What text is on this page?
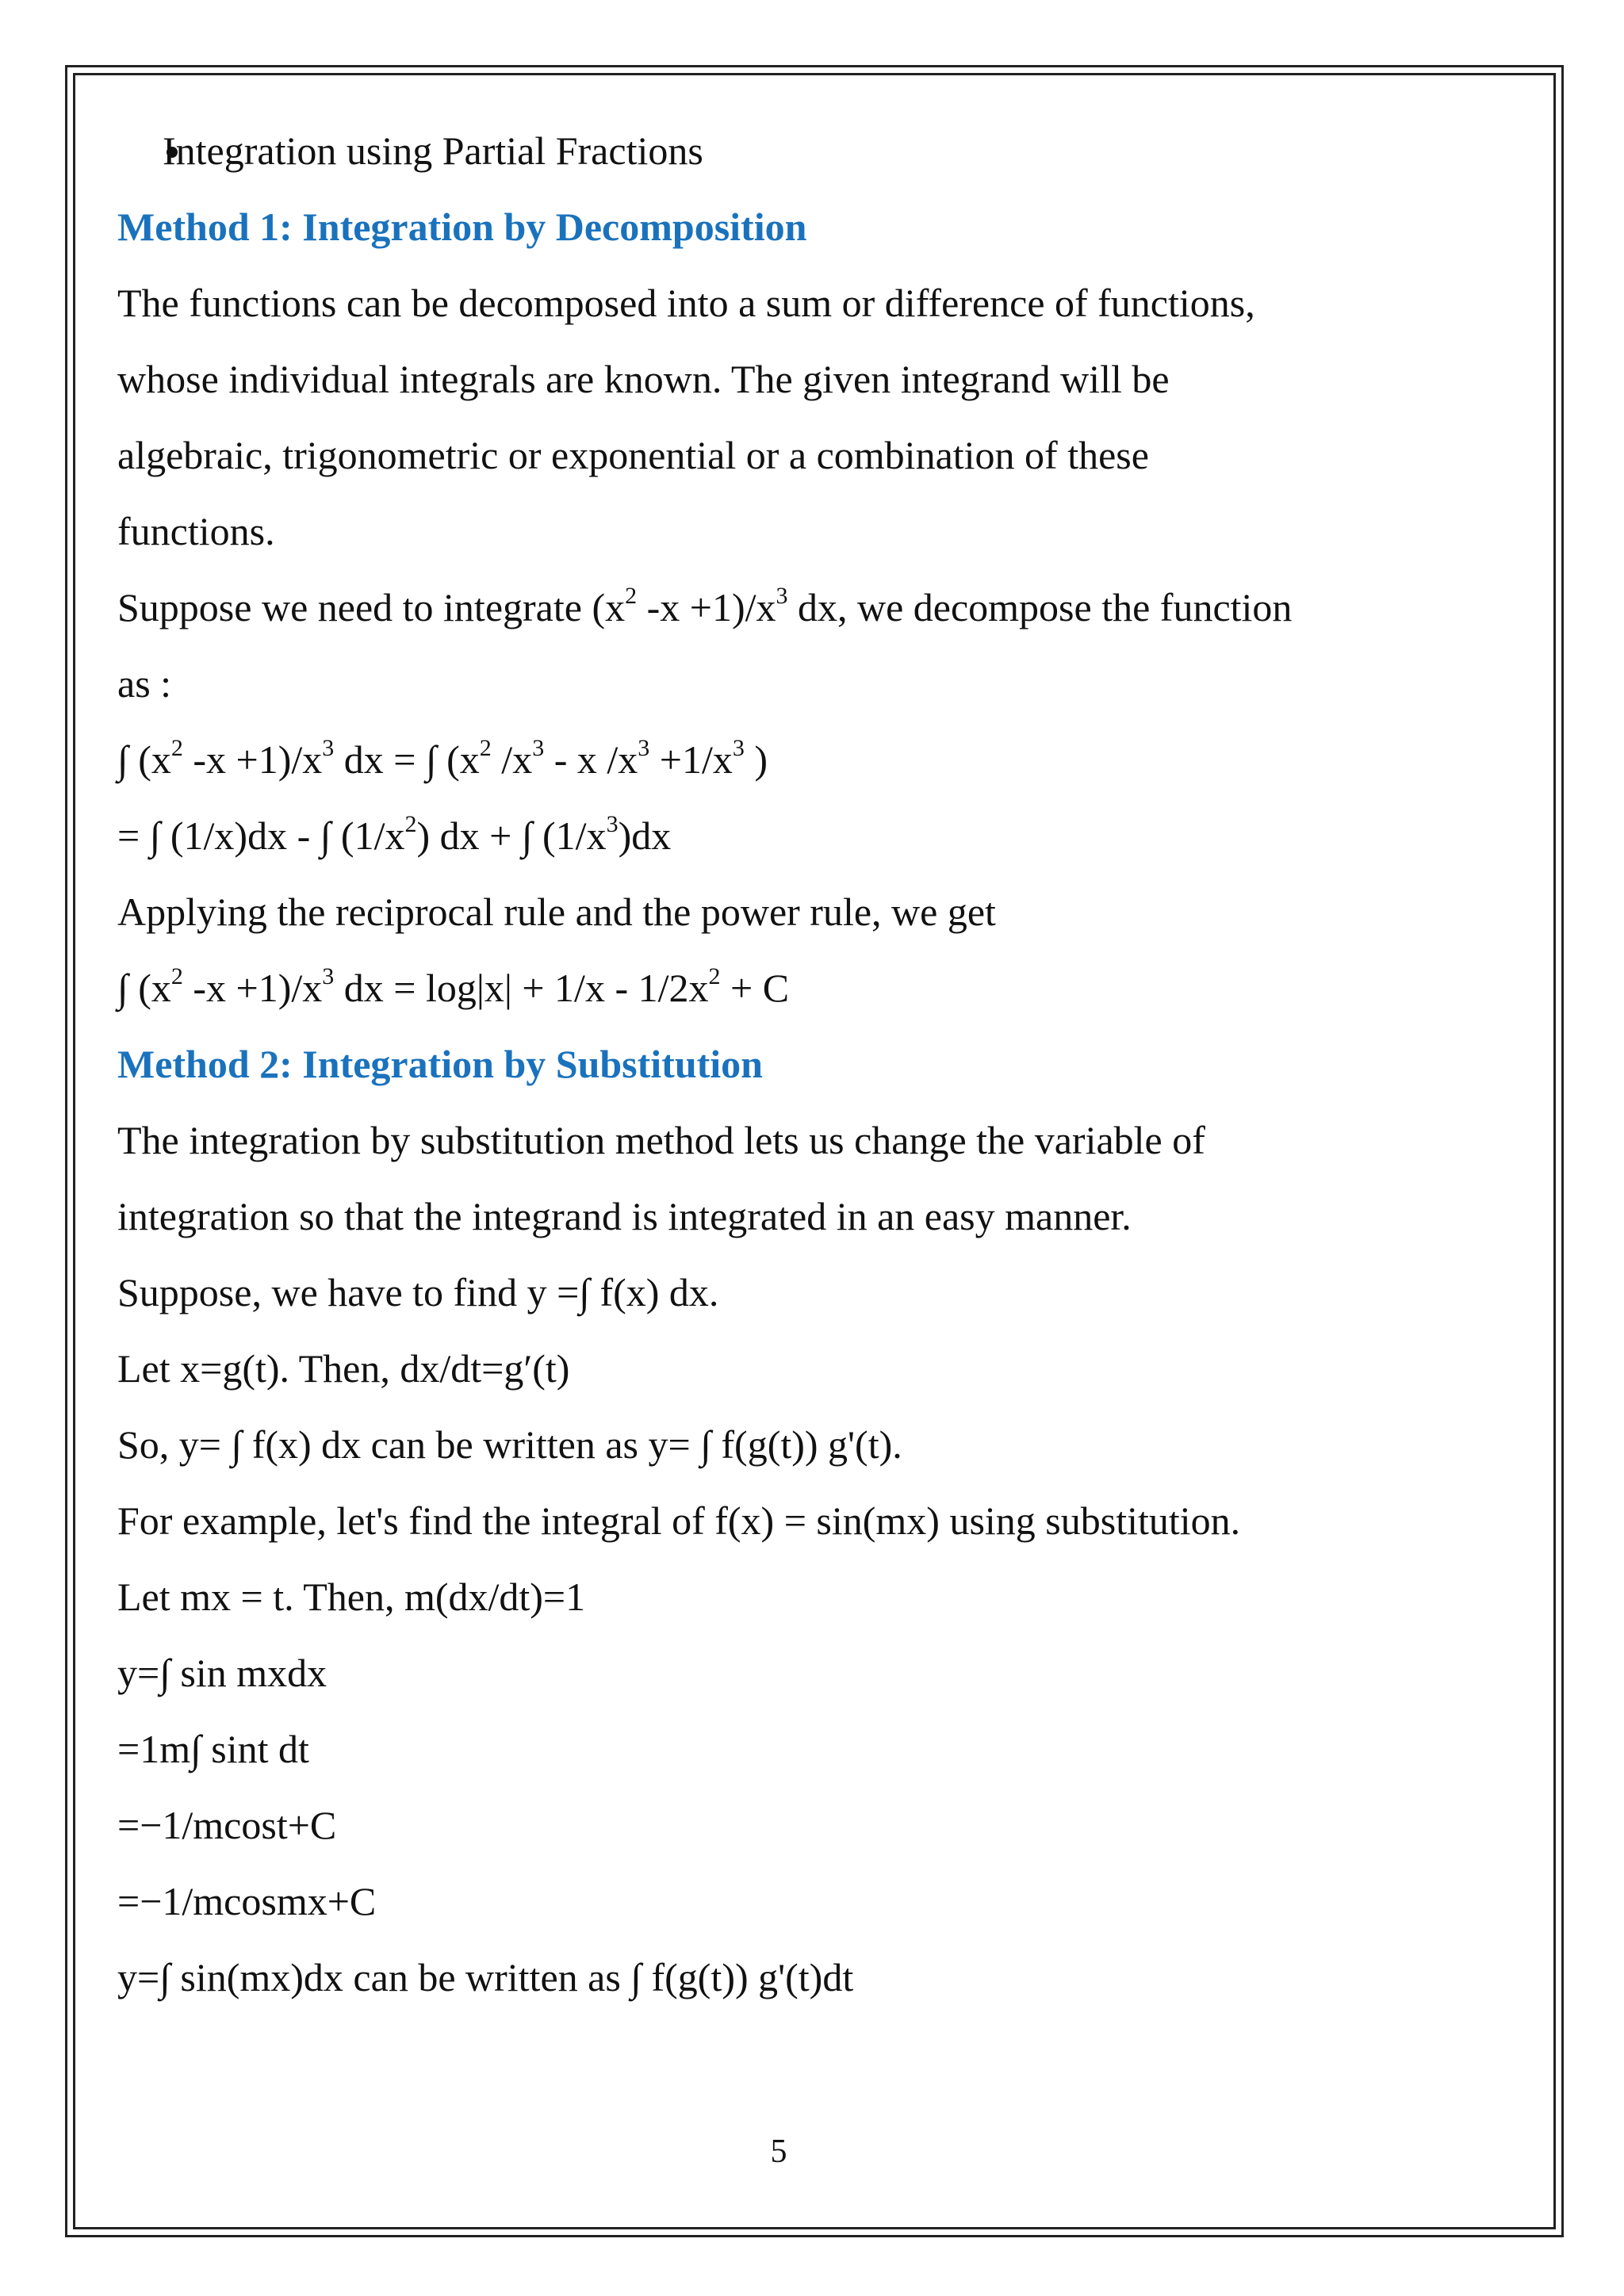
Integration using Partial Fractions
Method 1: Integration by Decomposition
The functions can be decomposed into a sum or difference of functions,
whose individual integrals are known. The given integrand will be
algebraic, trigonometric or exponential or a combination of these
functions.
Suppose we need to integrate ($x^2$ $-x +1)/x^3$ dx, we decompose the function
as :
∫ ($x^2$ $-x +1)/x^3$ dx = ∫ ($x^2$ $/x^3$ - x $/x^3 +1/x^3$ )
= ∫ (1/x)dx - ∫ $(1/x^2)$ dx + ∫ $(1/x^3)dx$
Applying the reciprocal rule and the power rule, we get
∫ ($x^2$ $-x +1)/x^3$ dx = $\log|x| + 1/x - 1/2x^2 + C$
Method 2: Integration by Substitution
The integration by substitution method lets us change the variable of
integration so that the integrand is integrated in an easy manner.
Suppose, we have to find y =∫ f(x) dx.
Let x=g(t). Then, dx/dt=g′(t)
So, y= ∫ f(x) dx can be written as y= ∫ f(g(t)) g'(t).
For example, let's find the integral of f(x) = sin(mx) using substitution.
Let mx = t. Then, m(dx/dt)=1
y=∫ sin mxdx
=1m∫ sint dt
=−1/mcost+C
=−1/mcosmx+C
y=∫ sin(mx)dx can be written as ∫ f(g(t)) g'(t)dt
5
